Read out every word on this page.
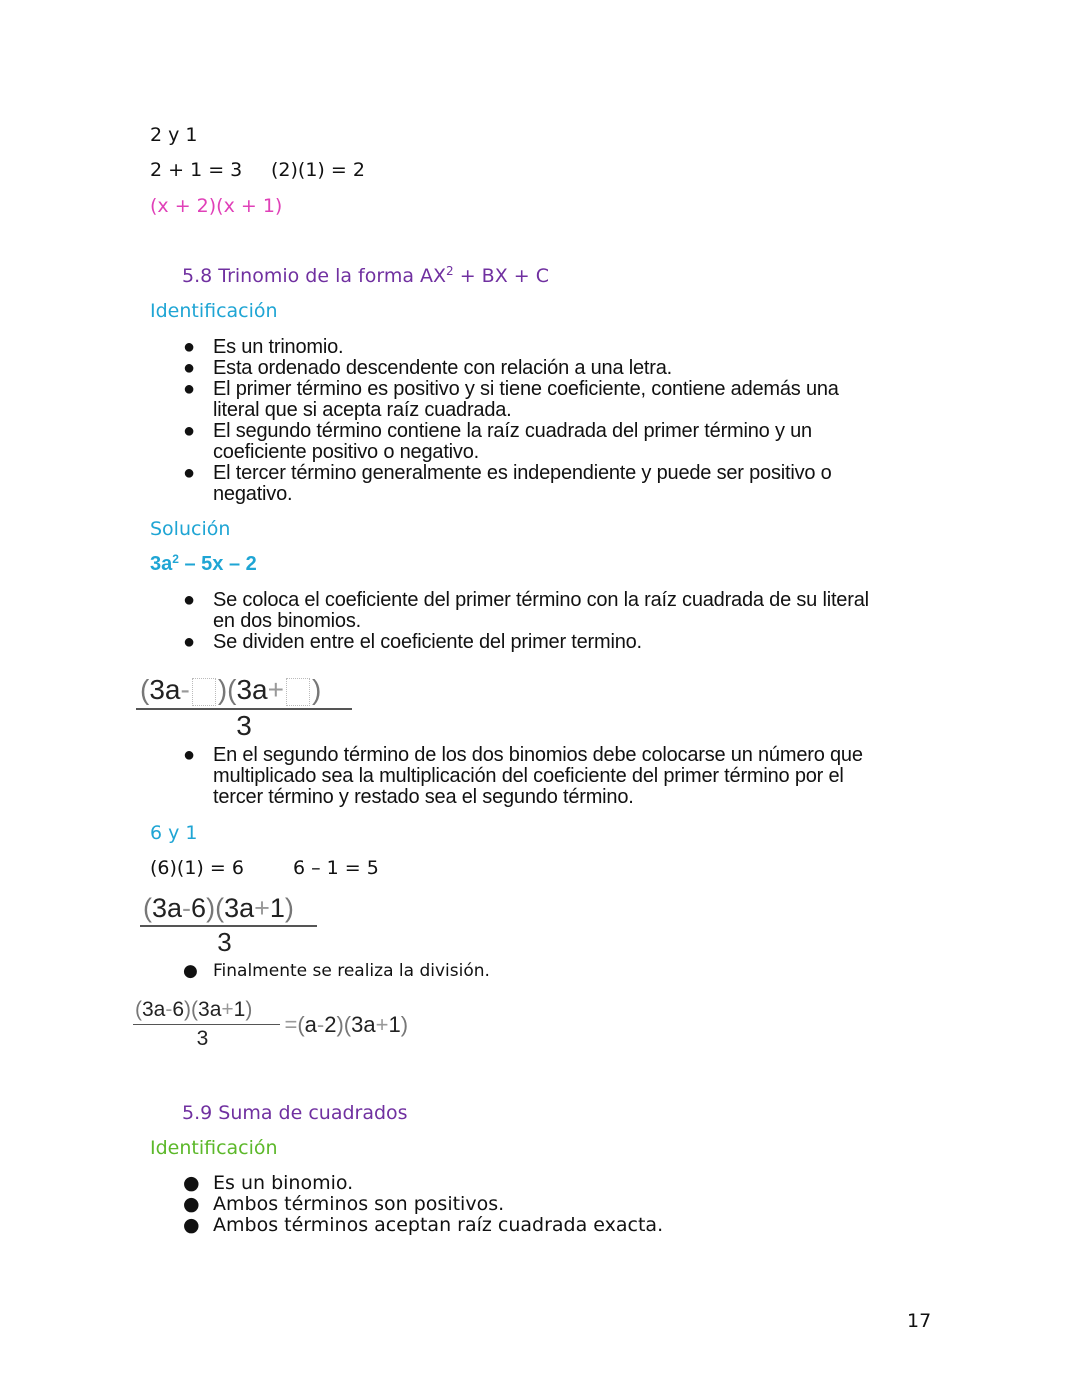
2 y 1
2 + 1 = 3 (2)(1) = 2
(x + 2)(x + 1)
5.8 Trinomio de la forma $AX^2$ + BX + C
Identificación
● Es un trinomio.
● Esta ordenado descendente con relación a una letra.
● El primer término es positivo y si tiene coeficiente, contiene además una
literal que si acepta raíz cuadrada.
● El segundo término contiene la raíz cuadrada del primer término y un
coeficiente positivo o negativo.
● El tercer término generalmente es independiente y puede ser positivo o
negativo.
Solución
$3a^2 - 5x - 2$
● Se coloca el coeficiente del primer término con la raíz cuadrada de su literal
en dos binomios.
● Se dividen entre el coeficiente del primer termino.
(3a- )(3a+ )
3
● En el segundo término de los dos binomios debe colocarse un número que
multiplicado sea la multiplicación del coeficiente del primer término por el
tercer término y restado sea el segundo término.
6 y 1
(6)(1) = 6	6 – 1 = 5
(3a-6)(3a+1)
3
● Finalmente se realiza la división.
$\frac{(3a-6)(3a+1)}{3} =(a-2)(3a+1)$
5.9 Suma de cuadrados
Identificación
● Es un binomio.
● Ambos términos son positivos.
● Ambos términos aceptan raíz cuadrada exacta.
17
